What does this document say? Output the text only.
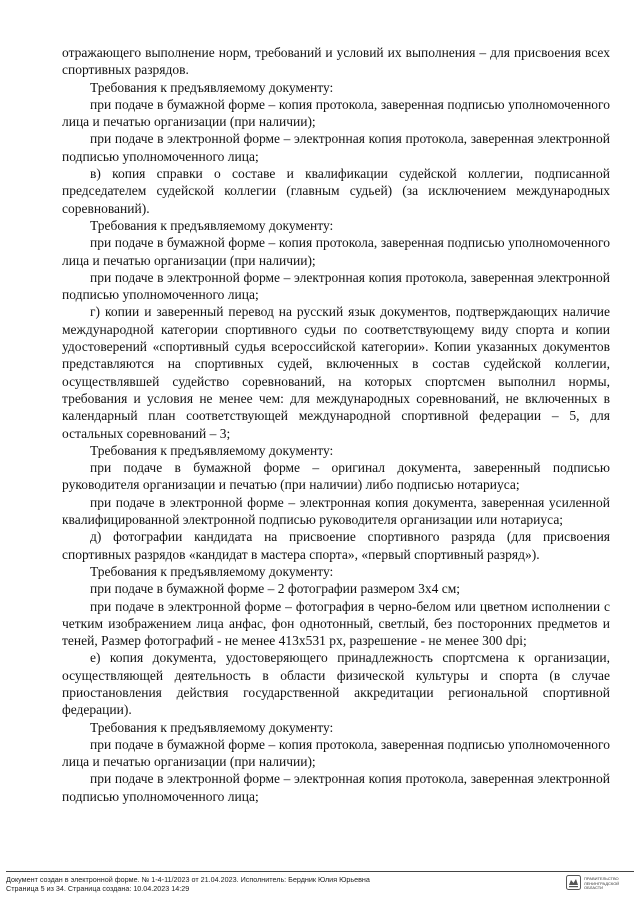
отражающего выполнение норм, требований и условий их выполнения – для присвоения всех спортивных разрядов.

Требования к предъявляемому документу:

при подаче в бумажной форме – копия протокола, заверенная подписью уполномоченного лица и печатью организации (при наличии);

при подаче в электронной форме – электронная копия протокола, заверенная электронной подписью уполномоченного лица;

в) копия справки о составе и квалификации судейской коллегии, подписанной председателем судейской коллегии (главным судьей) (за исключением международных соревнований).

Требования к предъявляемому документу:

при подаче в бумажной форме – копия протокола, заверенная подписью уполномоченного лица и печатью организации (при наличии);

при подаче в электронной форме – электронная копия протокола, заверенная электронной подписью уполномоченного лица;

г) копии и заверенный перевод на русский язык документов, подтверждающих наличие международной категории спортивного судьи по соответствующему виду спорта и копии удостоверений «спортивный судья всероссийской категории». Копии указанных документов представляются на спортивных судей, включенных в состав судейской коллегии, осуществлявшей судейство соревнований, на которых спортсмен выполнил нормы, требования и условия не менее чем: для международных соревнований, не включенных в календарный план соответствующей международной спортивной федерации – 5, для остальных соревнований – 3;

Требования к предъявляемому документу:

при подаче в бумажной форме – оригинал документа, заверенный подписью руководителя организации и печатью (при наличии) либо подписью нотариуса;

при подаче в электронной форме – электронная копия документа, заверенная усиленной квалифицированной электронной подписью руководителя организации или нотариуса;

д) фотографии кандидата на присвоение спортивного разряда (для присвоения спортивных разрядов «кандидат в мастера спорта», «первый спортивный разряд»).

Требования к предъявляемому документу:

при подаче в бумажной форме – 2 фотографии размером 3х4 см;

при подаче в электронной форме – фотография в черно-белом или цветном исполнении с четким изображением лица анфас, фон однотонный, светлый, без посторонних предметов и теней, Размер фотографий - не менее 413х531 px, разрешение - не менее 300 dpi;

е) копия документа, удостоверяющего принадлежность спортсмена к организации, осуществляющей деятельность в области физической культуры и спорта (в случае приостановления действия государственной аккредитации региональной спортивной федерации).

Требования к предъявляемому документу:

при подаче в бумажной форме – копия протокола, заверенная подписью уполномоченного лица и печатью организации (при наличии);

при подаче в электронной форме – электронная копия протокола, заверенная электронной подписью уполномоченного лица;

Документ создан в электронной форме. № 1-4-11/2023 от 21.04.2023. Исполнитель: Бердник Юлия Юрьевна
Страница 5 из 34. Страница создана: 10.04.2023 14:29
ПРАВИТЕЛЬСТВО ЛЕНИНГРАДСКОЙ ОБЛАСТИ
